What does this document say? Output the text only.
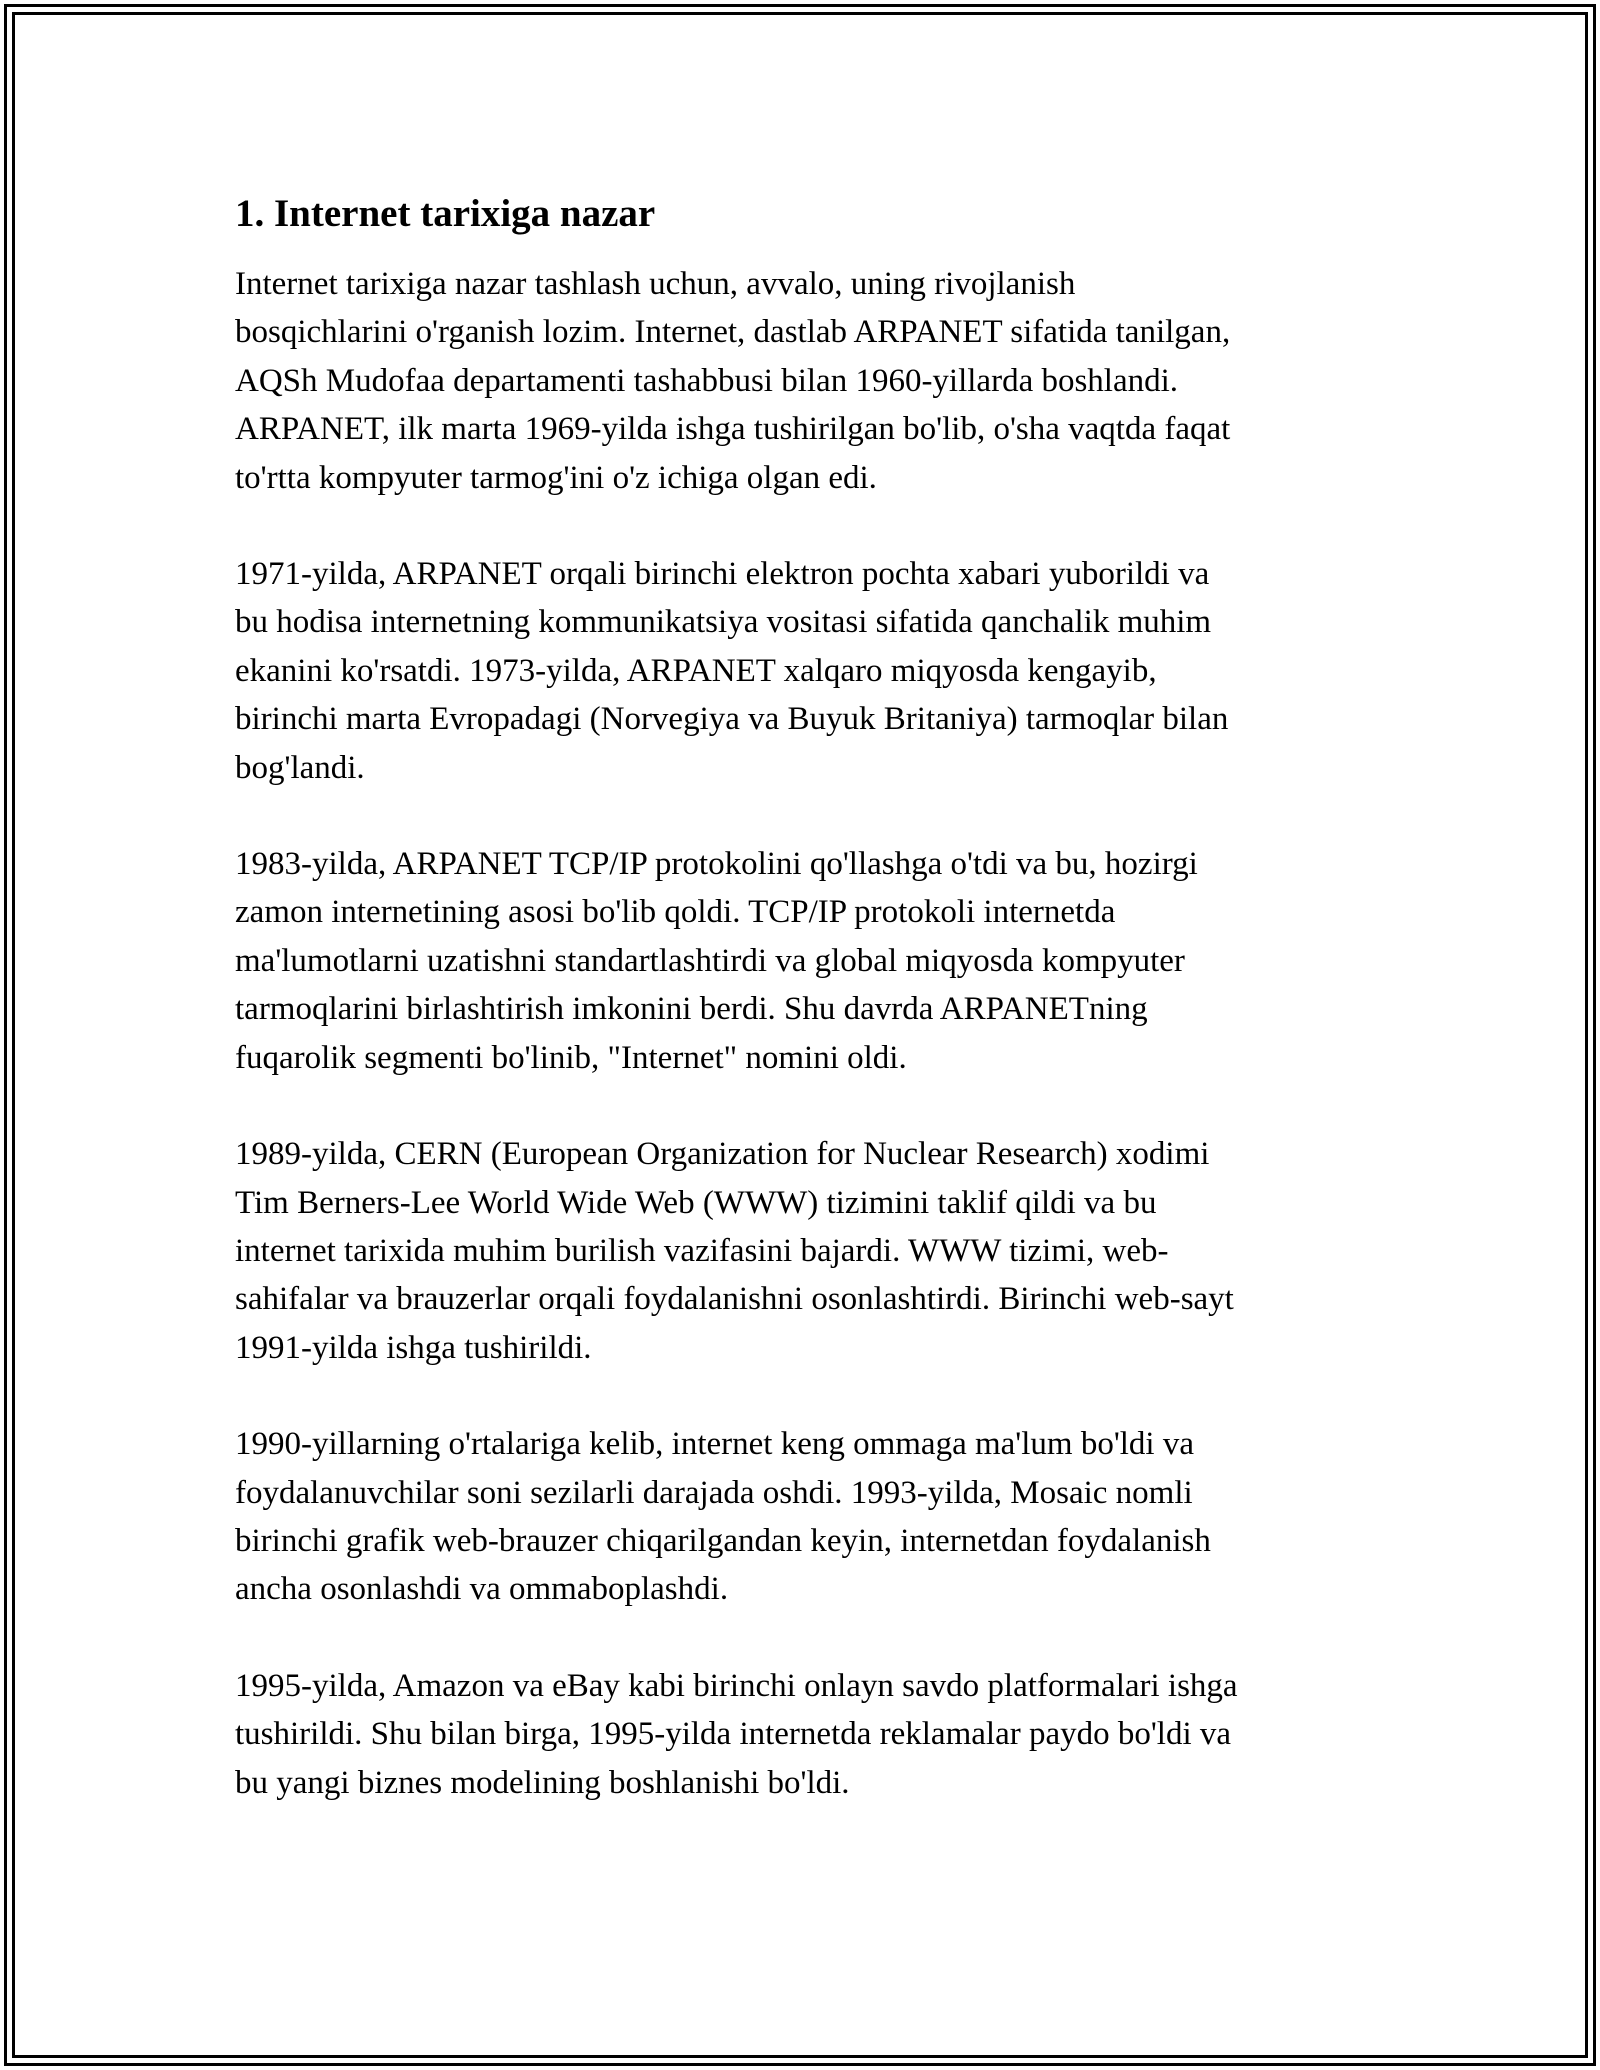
1. Internet tarixiga nazar

Internet tarixiga nazar tashlash uchun, avvalo, uning rivojlanish
bosqichlarini o'rganish lozim. Internet, dastlab ARPANET sifatida tanilgan,
AQSh Mudofaa departamenti tashabbusi bilan 1960-yillarda boshlandi.
ARPANET, ilk marta 1969-yilda ishga tushirilgan bo'lib, o'sha vaqtda faqat
to'rtta kompyuter tarmog'ini o'z ichiga olgan edi.

1971-yilda, ARPANET orqali birinchi elektron pochta xabari yuborildi va
bu hodisa internetning kommunikatsiya vositasi sifatida qanchalik muhim
ekanini ko'rsatdi. 1973-yilda, ARPANET xalqaro miqyosda kengayib,
birinchi marta Evropadagi (Norvegiya va Buyuk Britaniya) tarmoqlar bilan
bog'landi.

1983-yilda, ARPANET TCP/IP protokolini qo'llashga o'tdi va bu, hozirgi
zamon internetining asosi bo'lib qoldi. TCP/IP protokoli internetda
ma'lumotlarni uzatishni standartlashtirdi va global miqyosda kompyuter
tarmoqlarini birlashtirish imkonini berdi. Shu davrda ARPANETning
fuqarolik segmenti bo'linib, "Internet" nomini oldi.

1989-yilda, CERN (European Organization for Nuclear Research) xodimi
Tim Berners-Lee World Wide Web (WWW) tizimini taklif qildi va bu
internet tarixida muhim burilish vazifasini bajardi. WWW tizimi, web-
sahifalar va brauzerlar orqali foydalanishni osonlashtirdi. Birinchi web-sayt
1991-yilda ishga tushirildi.

1990-yillarning o'rtalariga kelib, internet keng ommaga ma'lum bo'ldi va
foydalanuvchilar soni sezilarli darajada oshdi. 1993-yilda, Mosaic nomli
birinchi grafik web-brauzer chiqarilgandan keyin, internetdan foydalanish
ancha osonlashdi va ommaboplashdi.

1995-yilda, Amazon va eBay kabi birinchi onlayn savdo platformalari ishga
tushirildi. Shu bilan birga, 1995-yilda internetda reklamalar paydo bo'ldi va
bu yangi biznes modelining boshlanishi bo'ldi.
